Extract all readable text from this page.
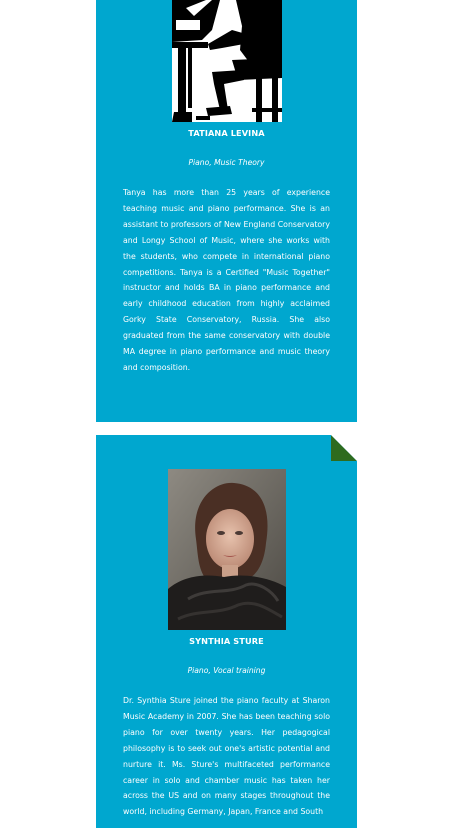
TATIANA LEVINA
Piano, Music Theory

Tanya has more than 25 years of experience teaching music and piano performance. She is an assistant to professors of New England Conservatory and Longy School of Music, where she works with the students, who compete in international piano competitions. Tanya is a Certified "Music Together" instructor and holds BA in piano performance and early childhood education from highly acclaimed Gorky State Conservatory, Russia. She also graduated from the same conservatory with double MA degree in piano performance and music theory and composition.

SYNTHIA STURE
Piano, Vocal training

Dr. Synthia Sture joined the piano faculty at Sharon Music Academy in 2007. She has been teaching solo piano for over twenty years. Her pedagogical philosophy is to seek out one's artistic potential and nurture it. Ms. Sture's multifaceted performance career in solo and chamber music has taken her across the US and on many stages throughout the world, including Germany, Japan, France and South
